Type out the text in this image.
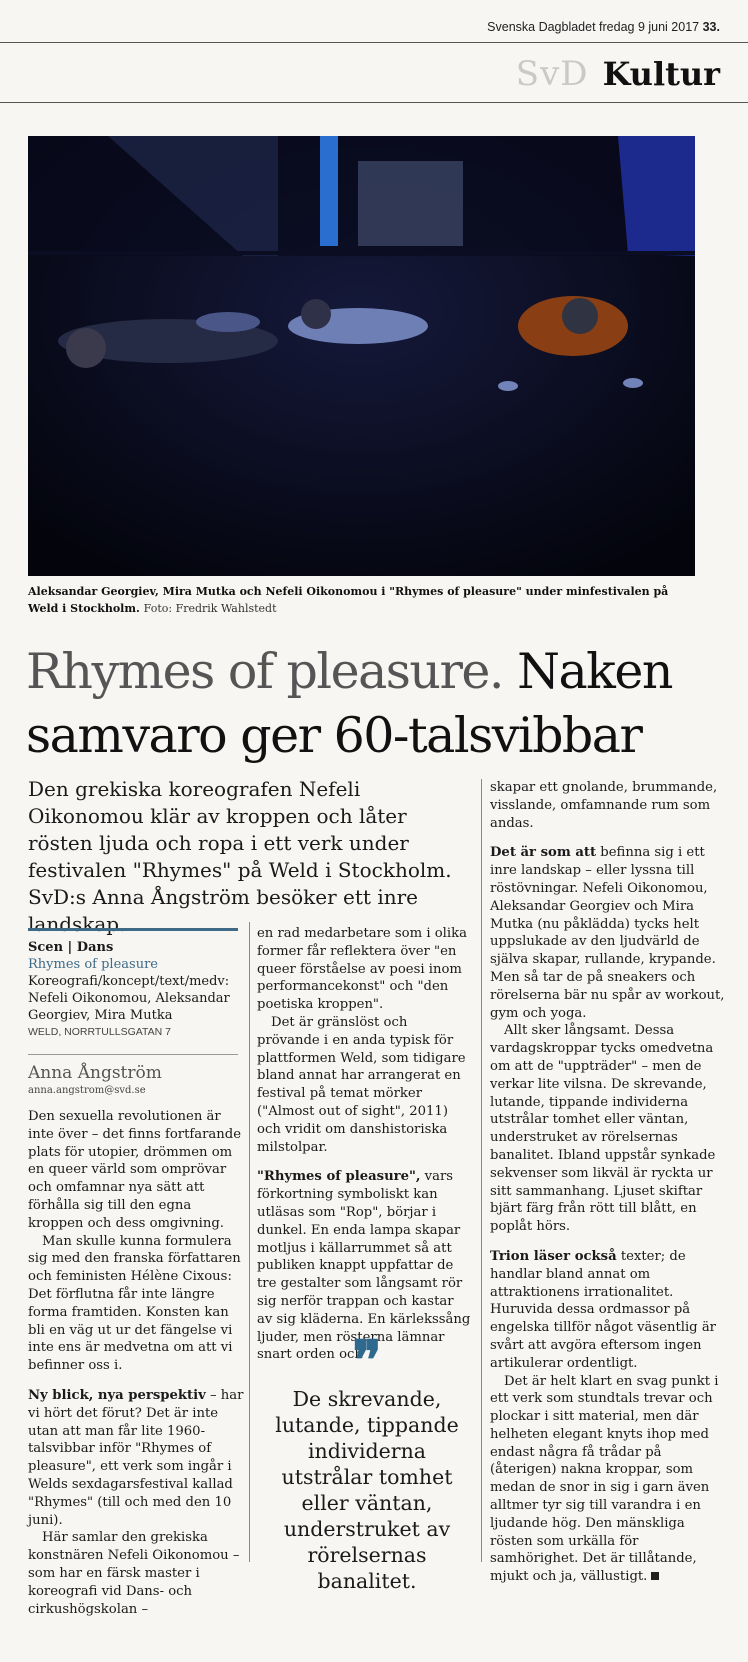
Svenska Dagbladet fredag 9 juni 2017 33.
SvD Kultur
Aleksandar Georgiev, Mira Mutka och Nefeli Oikonomou i "Rhymes of pleasure" under minfestivalen på Weld i Stockholm. Foto: Fredrik Wahlstedt
Rhymes of pleasure. Naken samvaro ger 60-talsvibbar
Den grekiska koreografen Nefeli Oikonomou klär av kroppen och låter rösten ljuda och ropa i ett verk under festivalen "Rhymes" på Weld i Stockholm. SvD:s Anna Ångström besöker ett inre landskap.
Scen | Dans
Rhymes of pleasure
Koreografi/koncept/text/medv: Nefeli Oikonomou, Aleksandar Georgiev, Mira Mutka
WELD, NORRTULLSGATAN 7
Anna Ångström
anna.angstrom@svd.se

Den sexuella revolutionen är inte över – det finns fortfarande plats för utopier, drömmen om en queer värld som omprövar och omfamnar nya sätt att förhålla sig till den egna kroppen och dess omgivning.

Man skulle kunna formulera sig med den franska författaren och feministen Hélène Cixous: Det förflutna får inte längre forma framtiden. Konsten kan bli en väg ut ur det fängelse vi inte ens är medvetna om att vi befinner oss i.

Ny blick, nya perspektiv – har vi hört det förut? Det är inte utan att man får lite 1960-talsvibbar inför "Rhymes of pleasure", ett verk som ingår i Welds sexdagarsfestival kallad "Rhymes" (till och med den 10 juni).

Här samlar den grekiska konstnären Nefeli Oikonomou – som har en färsk master i koreografi vid Dans- och cirkushögskolan –

en rad medarbetare som i olika former får reflektera över "en queer förståelse av poesi inom performancekonst" och "den poetiska kroppen".

Det är gränslöst och prövande i en anda typisk för plattformen Weld, som tidigare bland annat har arrangerat en festival på temat mörker ("Almost out of sight", 2011) och vridit om danshistoriska milstolpar.

"Rhymes of pleasure", vars förkortning symboliskt kan utläsas som "Rop", börjar i dunkel. En enda lampa skapar motljus i källarrummet så att publiken knappt uppfattar de tre gestalter som långsamt rör sig nerför trappan och kastar av sig kläderna. En kärlekssång ljuder, men rösterna lämnar snart orden och

❞
De skrevande, lutande, tippande individerna utstrålar tomhet eller väntan, understruket av rörelsernas banalitet.

skapar ett gnolande, brummande, visslande, omfamnande rum som andas.

Det är som att befinna sig i ett inre landskap – eller lyssna till röstövningar. Nefeli Oikonomou, Aleksandar Georgiev och Mira Mutka (nu påklädda) tycks helt uppslukade av den ljudvärld de själva skapar, rullande, krypande. Men så tar de på sneakers och rörelserna bär nu spår av workout, gym och yoga.

Allt sker långsamt. Dessa vardagskroppar tycks omedvetna om att de "uppträder" – men de verkar lite vilsna. De skrevande, lutande, tippande individerna utstrålar tomhet eller väntan, understruket av rörelsernas banalitet. Ibland uppstår synkade sekvenser som likväl är ryckta ur sitt sammanhang. Ljuset skiftar bjärt färg från rött till blått, en poplåt hörs.

Trion läser också texter; de handlar bland annat om attraktionens irrationalitet. Huruvida dessa ordmassor på engelska tillför något väsentlig är svårt att avgöra eftersom ingen artikulerar ordentligt.

Det är helt klart en svag punkt i ett verk som stundtals trevar och plockar i sitt material, men där helheten elegant knyts ihop med endast några få trådar på (återigen) nakna kroppar, som medan de snor in sig i garn även alltmer tyr sig till varandra i en ljudande hög. Den mänskliga rösten som urkälla för samhörighet. Det är tillåtande, mjukt och ja, vällustigt.
